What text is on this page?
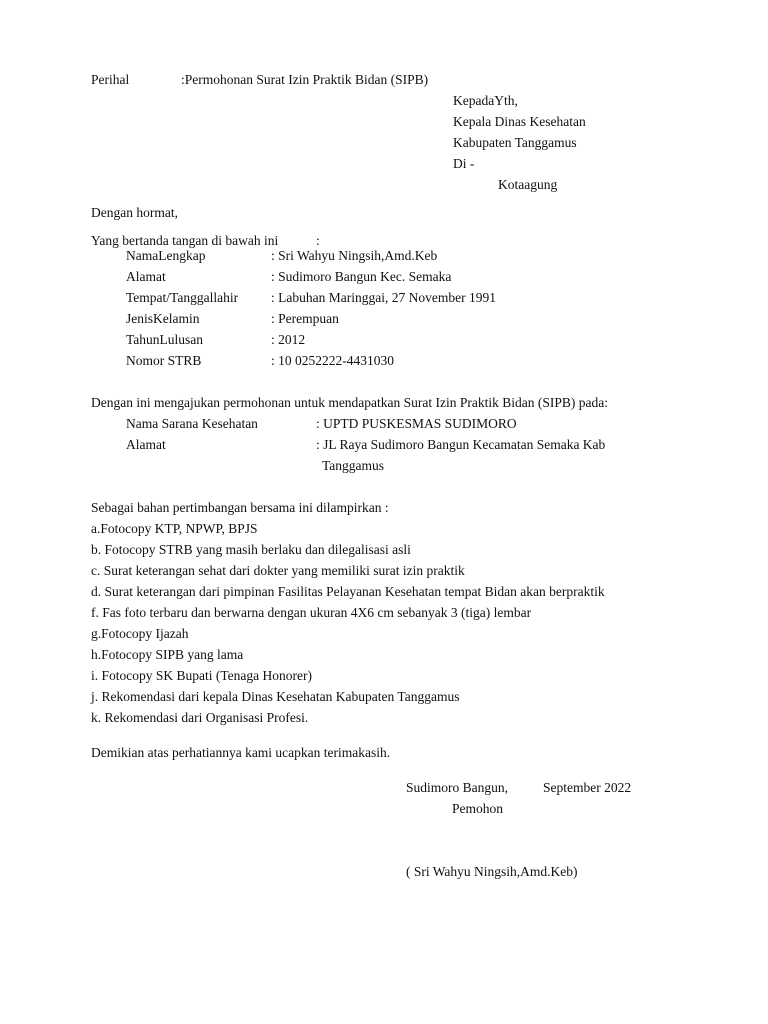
Perihal	:Permohonan Surat Izin Praktik Bidan (SIPB)
KepadaYth,
Kepala Dinas Kesehatan
Kabupaten Tanggamus
Di -
Kotaagung
Dengan hormat,
Yang bertanda tangan di bawah ini	:
NamaLengkap	: Sri Wahyu Ningsih,Amd.Keb
Alamat	: Sudimoro Bangun Kec. Semaka
Tempat/Tanggallahir : Labuhan Maringgai, 27 November 1991
JenisKelamin	: Perempuan
TahunLulusan	: 2012
Nomor STRB	: 10 0252222-4431030
Dengan ini mengajukan permohonan untuk mendapatkan Surat Izin Praktik Bidan (SIPB) pada:
Nama Sarana Kesehatan	: UPTD PUSKESMAS SUDIMORO
Alamat	: JL Raya Sudimoro Bangun Kecamatan Semaka Kab
Tanggamus
Sebagai bahan pertimbangan bersama ini dilampirkan :
a.Fotocopy KTP, NPWP, BPJS
b. Fotocopy STRB yang masih berlaku dan dilegalisasi asli
c. Surat keterangan sehat dari dokter yang memiliki surat izin praktik
d. Surat keterangan dari pimpinan Fasilitas Pelayanan Kesehatan tempat Bidan akan berpraktik
f. Fas foto terbaru dan berwarna dengan ukuran 4X6 cm sebanyak 3 (tiga) lembar
g.Fotocopy Ijazah
h.Fotocopy SIPB yang lama
i. Fotocopy SK Bupati (Tenaga Honorer)
j. Rekomendasi dari kepala Dinas Kesehatan Kabupaten Tanggamus
k. Rekomendasi dari Organisasi Profesi.
Demikian atas perhatiannya kami ucapkan terimakasih.
Sudimoro Bangun,	September 2022
Pemohon
( Sri Wahyu Ningsih,Amd.Keb)
